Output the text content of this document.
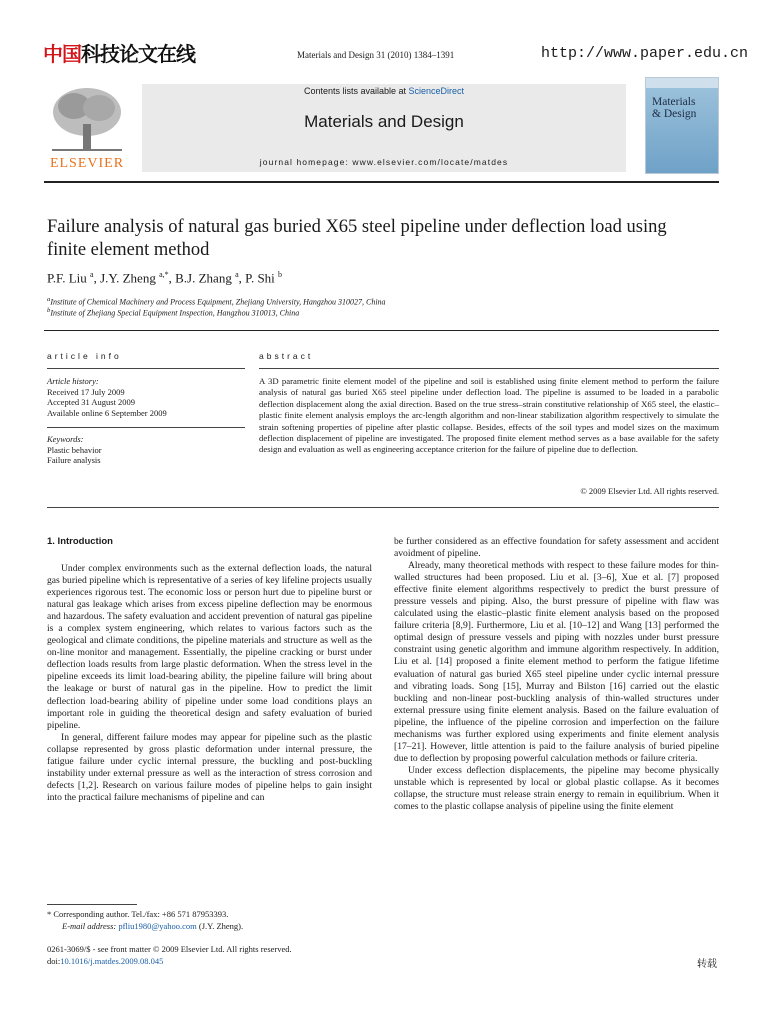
中国科技论文在线	Materials and Design 31 (2010) 1384–1391	http://www.paper.edu.cn
ELSEVIER
Contents lists available at ScienceDirect
Materials and Design
journal homepage: www.elsevier.com/locate/matdes
Materials
& Design
Failure analysis of natural gas buried X65 steel pipeline under deflection load using finite element method
P.F. Liu $^a$, J.Y. Zheng $^{a,*}$, B.J. Zhang $^a$, P. Shi $^b$
$^a$Institute of Chemical Machinery and Process Equipment, Zhejiang University, Hangzhou 310027, China
$^b$Institute of Zhejiang Special Equipment Inspection, Hangzhou 310013, China
article info
Article history:
Received 17 July 2009
Accepted 31 August 2009
Available online 6 September 2009
Keywords:
Plastic behavior
Failure analysis
abstract
A 3D parametric finite element model of the pipeline and soil is established using finite element method to perform the failure analysis of natural gas buried X65 steel pipeline under deflection load. The pipeline is assumed to be loaded in a parabolic deflection displacement along the axial direction. Based on the true stress–strain constitutive relationship of X65 steel, the elastic–plastic finite element analysis employs the arc-length algorithm and non-linear stabilization algorithm respectively to simulate the strain softening properties of pipeline after plastic collapse. Besides, effects of the soil types and model sizes on the maximum deflection displacement of pipeline are investigated. The proposed finite element method serves as a base available for the safety design and evaluation as well as engineering acceptance criterion for the failure of pipeline due to deflection.
© 2009 Elsevier Ltd. All rights reserved.
1. Introduction

Under complex environments such as the external deflection loads, the natural gas buried pipeline which is representative of a series of key lifeline projects usually experiences rigorous test. The economic loss or person hurt due to pipeline burst or natural gas leakage which arises from excess pipeline deflection may be enormous and hazardous. The safety evaluation and accident prevention of natural gas pipeline is a complex system engineering, which relates to various factors such as the geological and climate conditions, the pipeline materials and structure as well as the on-line monitor and management. Essentially, the pipeline cracking or burst under deflection loads results from large plastic deformation. When the stress level in the pipeline exceeds its limit load-bearing ability, the pipeline failure will bring about the leakage or burst of natural gas in the pipeline. How to predict the limit deflection load-bearing ability of pipeline under some load conditions plays an important role in guiding the theoretical design and safety evaluation of buried pipeline.

In general, different failure modes may appear for pipeline such as the plastic collapse represented by gross plastic deformation under internal pressure, the fatigue failure under cyclic internal pressure, the buckling and post-buckling instability under external pressure as well as the interaction of stress corrosion and defects [1,2]. Research on various failure modes of pipeline helps to gain insight into the practical failure mechanisms of pipeline and can

be further considered as an effective foundation for safety assessment and accident avoidment of pipeline.

Already, many theoretical methods with respect to these failure modes for thin-walled structures had been proposed. Liu et al. [3–6], Xue et al. [7] proposed effective finite element algorithms respectively to predict the burst pressure of pressure vessels and piping. Also, the burst pressure of pipeline with flaw was calculated using the elastic–plastic finite element analysis based on the proposed failure criteria [8,9]. Furthermore, Liu et al. [10–12] and Wang [13] performed the optimal design of pressure vessels and piping with nozzles under burst pressure constraint using genetic algorithm and immune algorithm respectively. In addition, Liu et al. [14] proposed a finite element method to perform the fatigue lifetime evaluation of natural gas buried X65 steel pipeline under cyclic internal pressure and vibrating loads. Song [15], Murray and Bilston [16] carried out the elastic buckling and non-linear post-buckling analysis of thin-walled structures under external pressure using finite element analysis. Based on the failure evaluation of pipeline, the influence of the pipeline corrosion and imperfection on the failure mechanisms was further explored using experiments and finite element analysis [17–21]. However, little attention is paid to the failure analysis of buried pipeline due to deflection by proposing powerful calculation methods or failure criteria.

Under excess deflection displacements, the pipeline may become physically unstable which is represented by local or global plastic collapse. As it becomes collapse, the structure must release strain energy to remain in equilibrium. When it comes to the plastic collapse analysis of pipeline using the finite element

* Corresponding author. Tel./fax: +86 571 87953393.
E-mail address: pfliu1980@yahoo.com (J.Y. Zheng).
0261-3069/$ - see front matter © 2009 Elsevier Ltd. All rights reserved.
doi:10.1016/j.matdes.2009.08.045	转载
